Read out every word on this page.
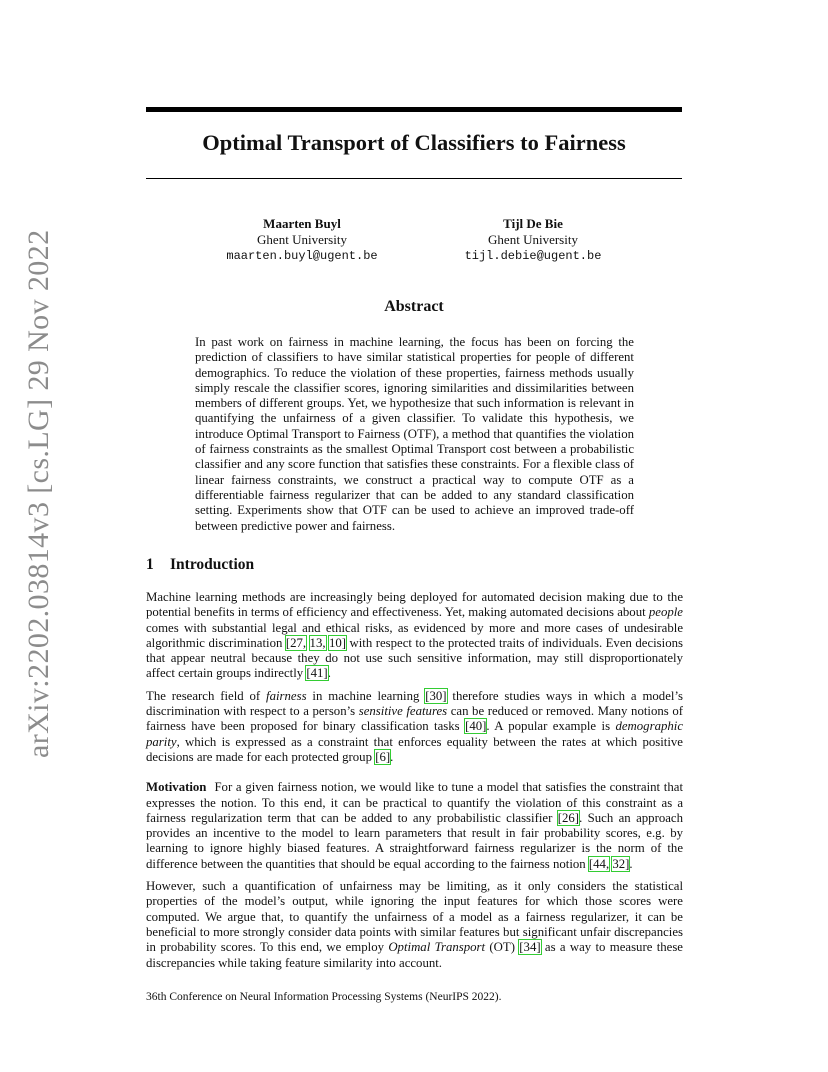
arXiv:2202.03814v3 [cs.LG] 29 Nov 2022
Optimal Transport of Classifiers to Fairness
Maarten Buyl
Ghent University
maarten.buyl@ugent.be
Tijl De Bie
Ghent University
tijl.debie@ugent.be
Abstract
In past work on fairness in machine learning, the focus has been on forcing the prediction of classifiers to have similar statistical properties for people of different demographics. To reduce the violation of these properties, fairness methods usually simply rescale the classifier scores, ignoring similarities and dissimilarities between members of different groups. Yet, we hypothesize that such information is relevant in quantifying the unfairness of a given classifier. To validate this hypothesis, we introduce Optimal Transport to Fairness (OTF), a method that quantifies the violation of fairness constraints as the smallest Optimal Transport cost between a probabilistic classifier and any score function that satisfies these constraints. For a flexible class of linear fairness constraints, we construct a practical way to compute OTF as a differentiable fairness regularizer that can be added to any standard classification setting. Experiments show that OTF can be used to achieve an improved trade-off between predictive power and fairness.
1 Introduction

Machine learning methods are increasingly being deployed for automated decision making due to the potential benefits in terms of efficiency and effectiveness. Yet, making automated decisions about people comes with substantial legal and ethical risks, as evidenced by more and more cases of undesirable algorithmic discrimination [27, 13, 10] with respect to the protected traits of individuals. Even decisions that appear neutral because they do not use such sensitive information, may still disproportionately affect certain groups indirectly [41].

The research field of fairness in machine learning [30] therefore studies ways in which a model’s discrimination with respect to a person’s sensitive features can be reduced or removed. Many notions of fairness have been proposed for binary classification tasks [40]. A popular example is demographic parity, which is expressed as a constraint that enforces equality between the rates at which positive decisions are made for each protected group [6].

Motivation For a given fairness notion, we would like to tune a model that satisfies the constraint that expresses the notion. To this end, it can be practical to quantify the violation of this constraint as a fairness regularization term that can be added to any probabilistic classifier [26]. Such an approach provides an incentive to the model to learn parameters that result in fair probability scores, e.g. by learning to ignore highly biased features. A straightforward fairness regularizer is the norm of the difference between the quantities that should be equal according to the fairness notion [44, 32].

However, such a quantification of unfairness may be limiting, as it only considers the statistical properties of the model’s output, while ignoring the input features for which those scores were computed. We argue that, to quantify the unfairness of a model as a fairness regularizer, it can be beneficial to more strongly consider data points with similar features but significant unfair discrepancies in probability scores. To this end, we employ Optimal Transport (OT) [34] as a way to measure these discrepancies while taking feature similarity into account.

36th Conference on Neural Information Processing Systems (NeurIPS 2022).
